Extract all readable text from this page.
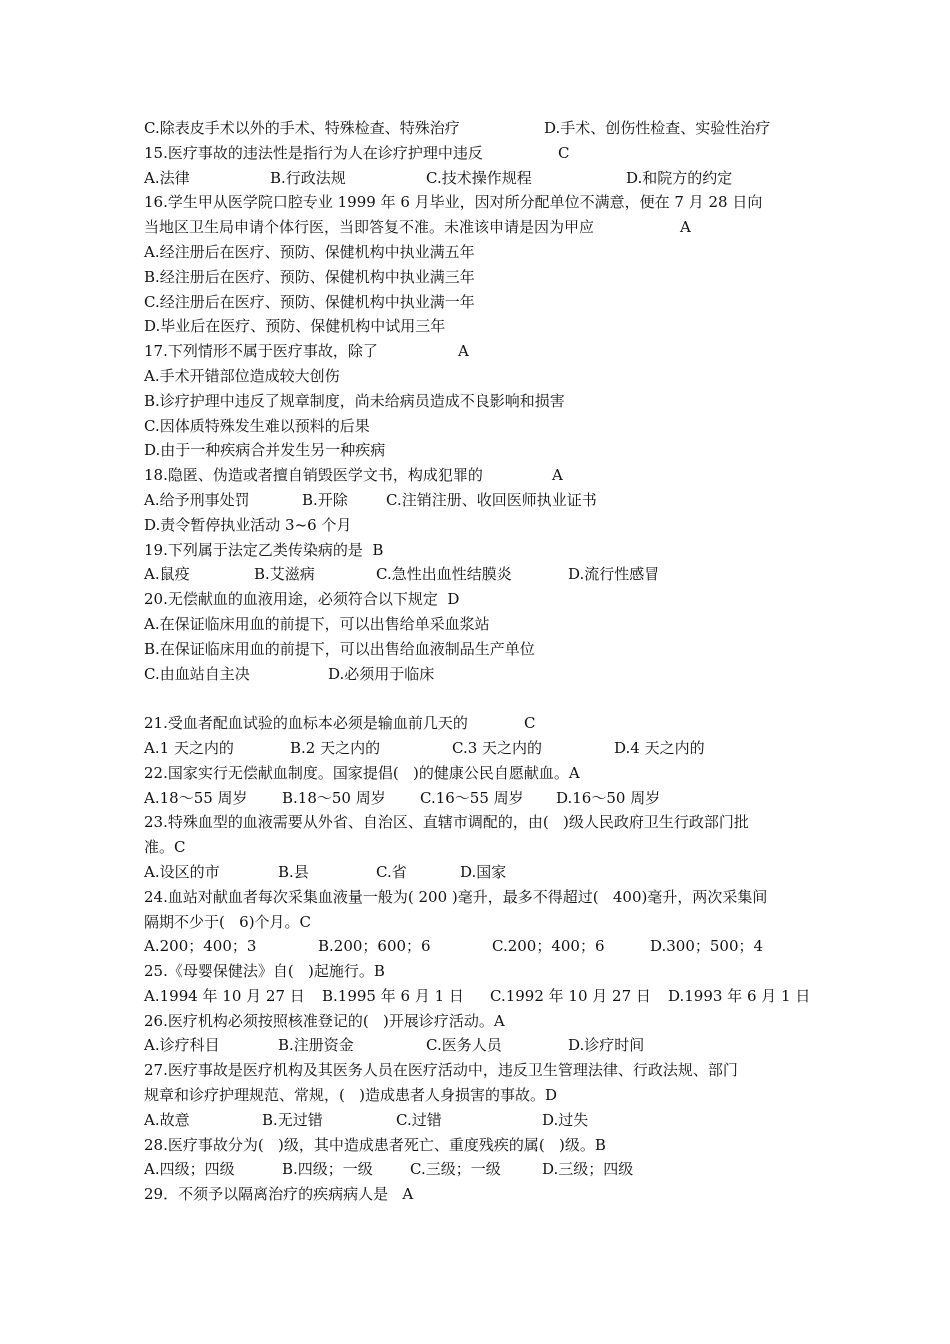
C.除表皮手术以外的手术、特殊检查、特殊治疗	D.手术、创伤性检查、实验性治疗
15.医疗事故的违法性是指行为人在诊疗护理中违反	C
A.法律	B.行政法规	C.技术操作规程	D.和院方的约定
16.学生甲从医学院口腔专业 1999 年 6 月毕业，因对所分配单位不满意，便在 7 月 28 日向
当地区卫生局申请个体行医，当即答复不准。未准该申请是因为甲应	A
A.经注册后在医疗、预防、保健机构中执业满五年
B.经注册后在医疗、预防、保健机构中执业满三年
C.经注册后在医疗、预防、保健机构中执业满一年
D.毕业后在医疗、预防、保健机构中试用三年
17.下列情形不属于医疗事故，除了	A
A.手术开错部位造成较大创伤
B.诊疗护理中违反了规章制度，尚未给病员造成不良影响和损害
C.因体质特殊发生难以预料的后果
D.由于一种疾病合并发生另一种疾病
18.隐匿、伪造或者擅自销毁医学文书，构成犯罪的	A
A.给予刑事处罚	B.开除	C.注销注册、收回医师执业证书
D.责令暂停执业活动 3~6 个月
19.下列属于法定乙类传染病的是  B
A.鼠疫	B.艾滋病	C.急性出血性结膜炎	D.流行性感冒
20.无偿献血的血液用途，必须符合以下规定  D
A.在保证临床用血的前提下，可以出售给单采血浆站
B.在保证临床用血的前提下，可以出售给血液制品生产单位
C.由血站自主决	D.必须用于临床
21.受血者配血试验的血标本必须是输血前几天的	C
A.1 天之内的	B.2 天之内的	C.3 天之内的	D.4 天之内的
22.国家实行无偿献血制度。国家提倡(   )的健康公民自愿献血。A
A.18～55 周岁 B.18～50 周岁 C.16～55 周岁 D.16～50 周岁
23.特殊血型的血液需要从外省、自治区、直辖市调配的，由(   )级人民政府卫生行政部门批
准。C
A.设区的市	B.县	C.省	D.国家
24.血站对献血者每次采集血液量一般为( 200 )毫升，最多不得超过(   400)毫升，两次采集间
隔期不少于(   6)个月。C
A.200；400；3	B.200；600；6	C.200；400；6	D.300；500；4
25.《母婴保健法》自(   )起施行。B
A.1994 年 10 月 27 日 B.1995 年 6 月 1 日 C.1992 年 10 月 27 日 D.1993 年 6 月 1 日
26.医疗机构必须按照核准登记的(   )开展诊疗活动。A
A.诊疗科目	B.注册资金	C.医务人员	D.诊疗时间
27.医疗事故是医疗机构及其医务人员在医疗活动中，违反卫生管理法律、行政法规、部门
规章和诊疗护理规范、常规，(   )造成患者人身损害的事故。D
A.故意	B.无过错	C.过错	D.过失
28.医疗事故分为(   )级，其中造成患者死亡、重度残疾的属(   )级。B
A.四级；四级	B.四级；一级 C.三级；一级	D.三级；四级
29．不须予以隔离治疗的疾病病人是   A
